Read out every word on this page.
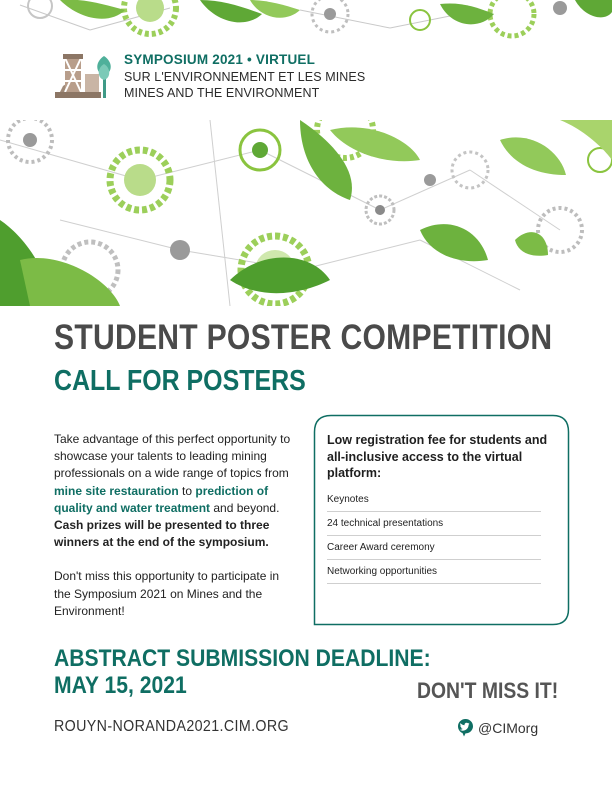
SYMPOSIUM 2021 • VIRTUEL
SUR L'ENVIRONNEMENT ET LES MINES
MINES AND THE ENVIRONMENT
STUDENT POSTER COMPETITION
CALL FOR POSTERS

Take advantage of this perfect opportunity to showcase your talents to leading mining professionals on a wide range of topics from mine site restauration to prediction of quality and water treatment and beyond. Cash prizes will be presented to three winners at the end of the symposium.

Don't miss this opportunity to participate in the Symposium 2021 on Mines and the Environment!

Low registration fee for students and all-inclusive access to the virtual platform:
Keynotes
24 technical presentations
Career Award ceremony
Networking opportunities
ABSTRACT SUBMISSION DEADLINE:
MAY 15, 2021	DON'T MISS IT!
ROUYN-NORANDA2021.CIM.ORG	@CIMorg
